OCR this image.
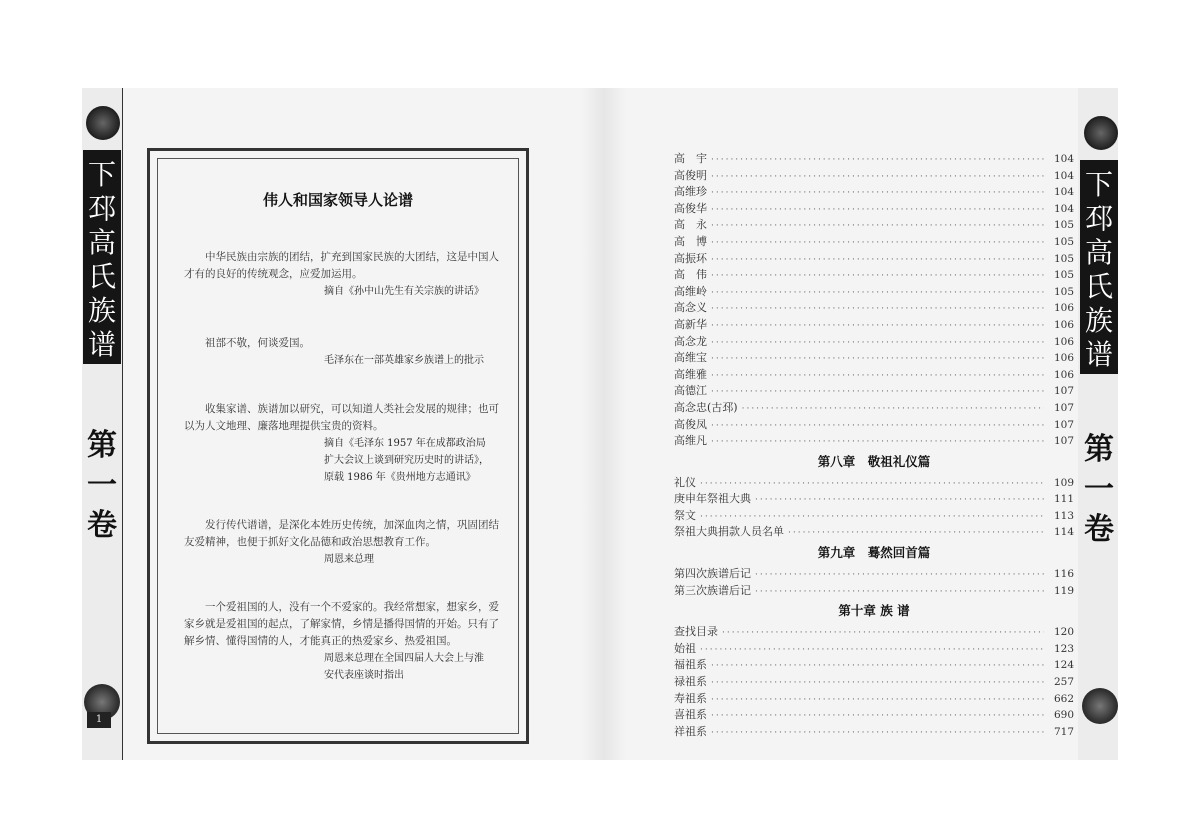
下
邳
高
氏
族
谱
第
一
卷
1
伟人和国家领导人论谱

中华民族由宗族的团结，扩充到国家民族的大团结，这是中国人才有的良好的传统观念，应爱加运用。

摘自《孙中山先生有关宗族的讲话》

祖部不敬，何谈爱国。

毛泽东在一部英雄家乡族谱上的批示

收集家谱、族谱加以研究，可以知道人类社会发展的规律；也可以为人文地理、廉落地理提供宝贵的资料。

摘自《毛泽东 1957 年在成都政治局

扩大会议上谈到研究历史时的讲话》，

原载 1986 年《贵州地方志通讯》

发行传代谱谱，是深化本姓历史传统，加深血肉之情，巩固团结友爱精神，也便于抓好文化品德和政治思想教育工作。

周恩来总理

一个爱祖国的人，没有一个不爱家的。我经常想家，想家乡，爱家乡就是爱祖国的起点，了解家情，乡情是播得国情的开始。只有了解乡情、懂得国情的人，才能真正的热爱家乡、热爱祖国。

周恩来总理在全国四届人大会上与淮

安代表座谈时指出

高　宇 ·····	104
高俊明 ·····	104
高维珍 ·····	104
高俊华 ·····	104
高　永 ·····	105
高　博 ·····	105
高振环 ·····	105
高　伟 ·····	105
高维岭 ·····	105
高念义 ·····	106
高新华 ·····	106
高念龙 ·····	106
高维宝 ·····	106
高维雅 ·····	106
高德江 ·····	107
高念忠(古邳) ·····	107
高俊凤 ·····	107
高维凡 ·····	107
第八章　敬祖礼仪篇
礼仪 ·····	109
庚申年祭祖大典 ·····	111
祭文 ·····	113
祭祖大典捐款人员名单 ·····	114
第九章　蓦然回首篇
第四次族谱后记 ·····	116
第三次族谱后记 ·····	119
第十章 族 谱
查找目录 ·····	120
始祖 ·····	123
福祖系 ·····	124
禄祖系 ·····	257
寿祖系 ·····	662
喜祖系 ·····	690
祥祖系 ·····	717
下
邳
高
氏
族
谱
第
一
卷
